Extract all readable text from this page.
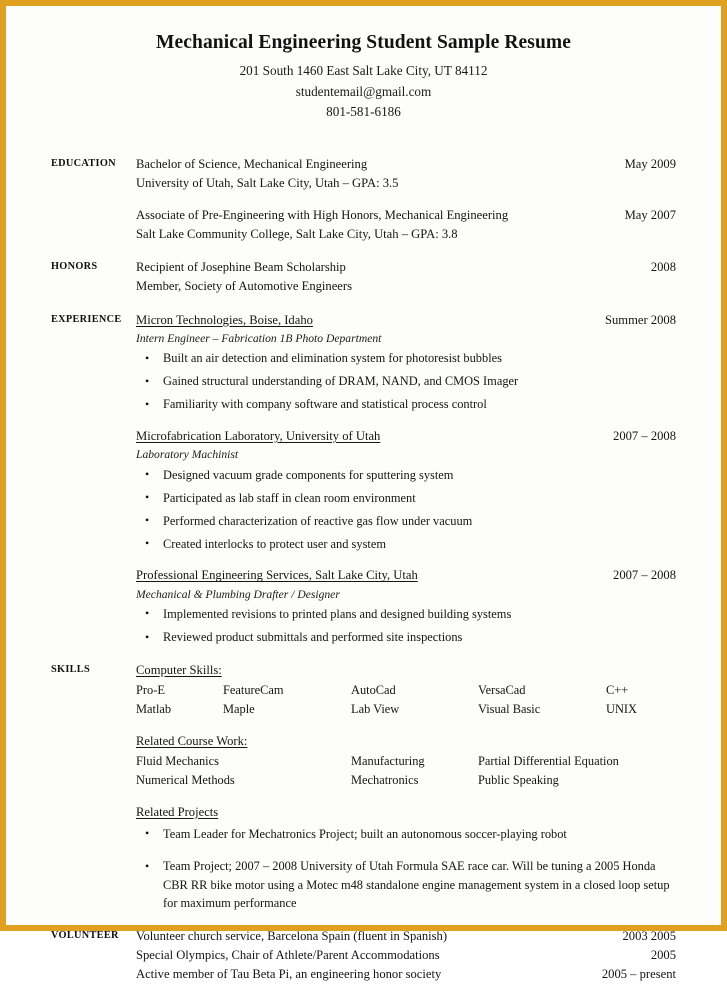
Mechanical Engineering Student Sample Resume
201 South 1460 East Salt Lake City, UT 84112
studentemail@gmail.com
801-581-6186
EDUCATION	Bachelor of Science, Mechanical Engineering	May 2009
University of Utah, Salt Lake City, Utah – GPA: 3.5
Associate of Pre-Engineering with High Honors, Mechanical Engineering	May 2007
Salt Lake Community College, Salt Lake City, Utah – GPA: 3.8
HONORS	Recipient of Josephine Beam Scholarship	2008
Member, Society of Automotive Engineers
EXPERIENCE	Micron Technologies, Boise, Idaho	Summer 2008
Intern Engineer – Fabrication 1B Photo Department
• Built an air detection and elimination system for photoresist bubbles
• Gained structural understanding of DRAM, NAND, and CMOS Imager
• Familiarity with company software and statistical process control
Microfabrication Laboratory, University of Utah	2007 – 2008
Laboratory Machinist
• Designed vacuum grade components for sputtering system
• Participated as lab staff in clean room environment
• Performed characterization of reactive gas flow under vacuum
• Created interlocks to protect user and system
Professional Engineering Services, Salt Lake City, Utah	2007 – 2008
Mechanical & Plumbing Drafter / Designer
• Implemented revisions to printed plans and designed building systems
• Reviewed product submittals and performed site inspections
SKILLS	Computer Skills:
Pro-E	FeatureCam	AutoCad	VersaCad	C++
Matlab	Maple	Lab View	Visual Basic	UNIX
Related Course Work:
Fluid Mechanics	Manufacturing	Partial Differential Equation
Numerical Methods	Mechatronics	Public Speaking
Related Projects
• Team Leader for Mechatronics Project; built an autonomous soccer-playing robot
• Team Project; 2007 – 2008 University of Utah Formula SAE race car. Will be tuning a 2005 Honda CBR RR bike motor using a Motec m48 standalone engine management system in a closed loop setup for maximum performance
VOLUNTEER	Volunteer church service, Barcelona Spain (fluent in Spanish)	2003 2005
Special Olympics, Chair of Athlete/Parent Accommodations	2005
Active member of Tau Beta Pi, an engineering honor society	2005 – present
